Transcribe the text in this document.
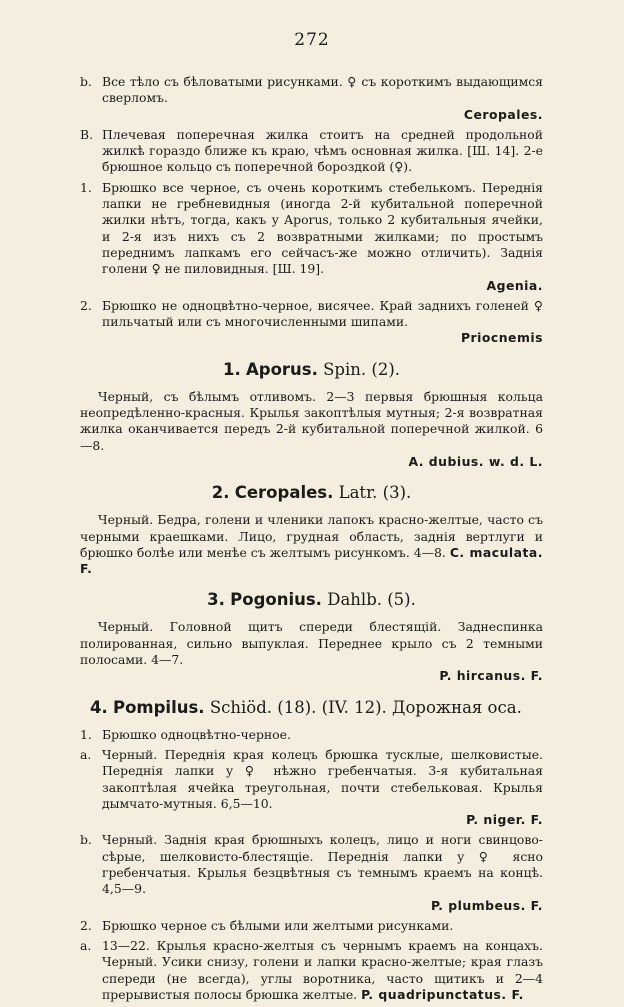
272
b. Все тѣло съ бѣловатыми рисунками. ♀ съ короткимъ выдающимся сверломъ.
Ceropales.
B. Плечевая поперечная жилка стоитъ на средней продольной жилкѣ гораздо ближе къ краю, чѣмъ основная жилка. [Ш. 14]. 2-е брюшное кольцо съ поперечной бороздкой (♀).
1. Брюшко все черное, съ очень короткимъ стебелькомъ. Переднія лапки не гребневидныя (иногда 2-й кубитальной поперечной жилки нѣтъ, тогда, какъ у Aporus, только 2 кубитальныя ячейки, и 2-я изъ нихъ съ 2 возвратными жилками; по простымъ переднимъ лапкамъ его сейчасъ-же можно отличить). Заднія голени ♀ не пиловидныя. [Ш. 19].
Agenia.
2. Брюшко не одноцвѣтно-черное, висячее. Край заднихъ голеней ♀ пильчатый или съ многочисленными шипами.
Priocnemis
1. Aporus. Spin. (2).
Черный, съ бѣлымъ отливомъ. 2—3 первыя брюшныя кольца неопредѣленно-красныя. Крылья закоптѣлыя мутныя; 2-я возвратная жилка оканчивается передъ 2-й кубитальной поперечной жилкой. 6—8.
A. dubius. w. d. L.
2. Ceropales. Latr. (3).
Черный. Бедра, голени и членики лапокъ красно-желтые, часто съ черными краешками. Лицо, грудная область, заднія вертлуги и брюшко болѣе или менѣе съ желтымъ рисункомъ. 4—8. C. maculata. F.
3. Pogonius. Dahlb. (5).
Черный. Головной щитъ спереди блестящій. Заднеспинка полированная, сильно выпуклая. Переднее крыло съ 2 темными полосами. 4—7.
P. hircanus. F.
4. Pompilus. Schiöd. (18). (IV. 12). Дорожная оса.
1. Брюшко одноцвѣтно-черное.
a. Черный. Переднія края колецъ брюшка тусклые, шелковистые. Переднія лапки у ♀ нѣжно гребенчатыя. 3-я кубитальная закоптѣлая ячейка треугольная, почти стебельковая. Крылья дымчато-мутныя. 6,5—10.
P. niger. F.
b. Черный. Заднія края брюшныхъ колецъ, лицо и ноги свинцово-сѣрые, шелковисто-блестящіе. Переднія лапки у ♀ ясно гребенчатыя. Крылья безцвѣтныя съ темнымъ краемъ на концѣ. 4,5—9.
P. plumbeus. F.
2. Брюшко черное съ бѣлыми или желтыми рисунками.
a. 13—22. Крылья красно-желтыя съ чернымъ краемъ на концахъ. Черный. Усики снизу, голени и лапки красно-желтые; края глазъ спереди (не всегда), углы воротника, часто щитикъ и 2—4 прерывистыя полосы брюшка желтые. P. quadripunctatus. F.
